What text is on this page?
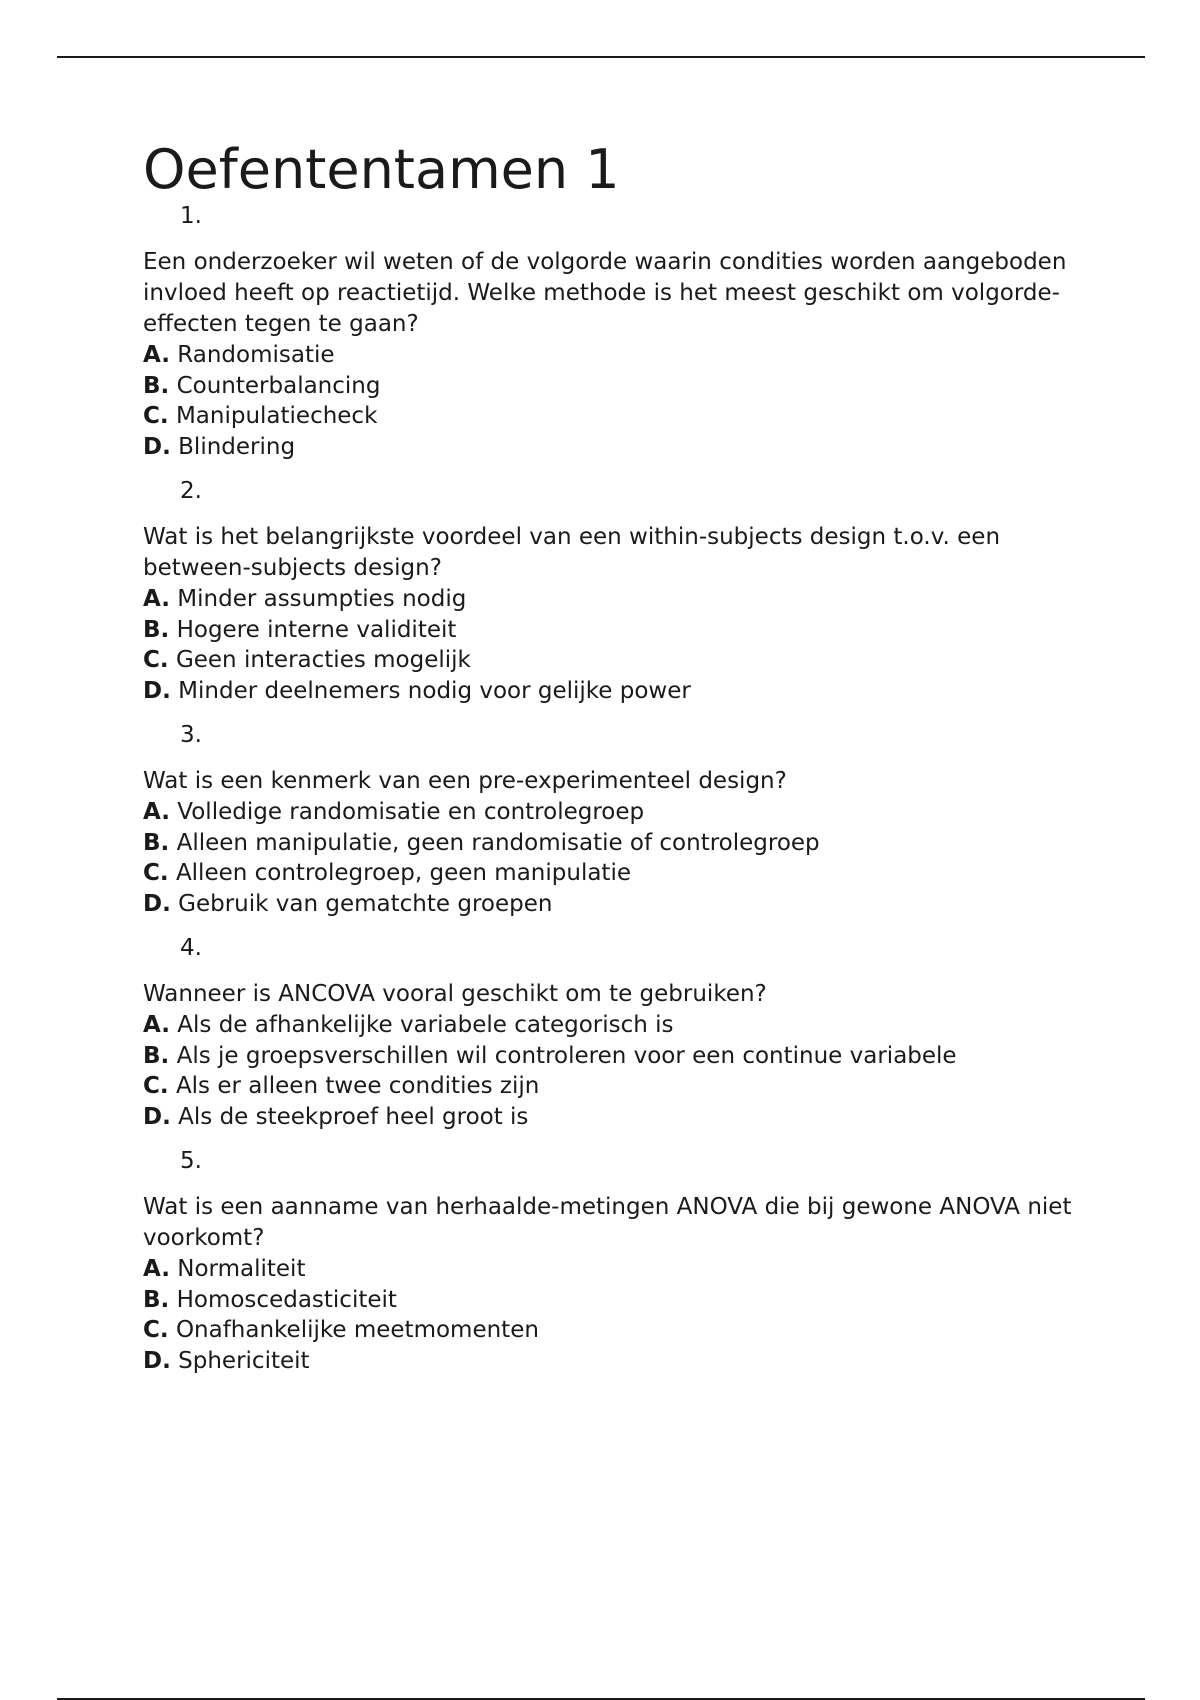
Oefententamen 1
1.

Een onderzoeker wil weten of de volgorde waarin condities worden aangeboden invloed heeft op reactietijd. Welke methode is het meest geschikt om volgorde-effecten tegen te gaan?

A. Randomisatie
B. Counterbalancing
C. Manipulatiecheck
D. Blindering
2.

Wat is het belangrijkste voordeel van een within-subjects design t.o.v. een between-subjects design?

A. Minder assumpties nodig
B. Hogere interne validiteit
C. Geen interacties mogelijk
D. Minder deelnemers nodig voor gelijke power
3.

Wat is een kenmerk van een pre-experimenteel design?

A. Volledige randomisatie en controlegroep
B. Alleen manipulatie, geen randomisatie of controlegroep
C. Alleen controlegroep, geen manipulatie
D. Gebruik van gematchte groepen
4.

Wanneer is ANCOVA vooral geschikt om te gebruiken?

A. Als de afhankelijke variabele categorisch is
B. Als je groepsverschillen wil controleren voor een continue variabele
C. Als er alleen twee condities zijn
D. Als de steekproef heel groot is
5.

Wat is een aanname van herhaalde-metingen ANOVA die bij gewone ANOVA niet voorkomt?

A. Normaliteit
B. Homoscedasticiteit
C. Onafhankelijke meetmomenten
D. Sphericiteit
